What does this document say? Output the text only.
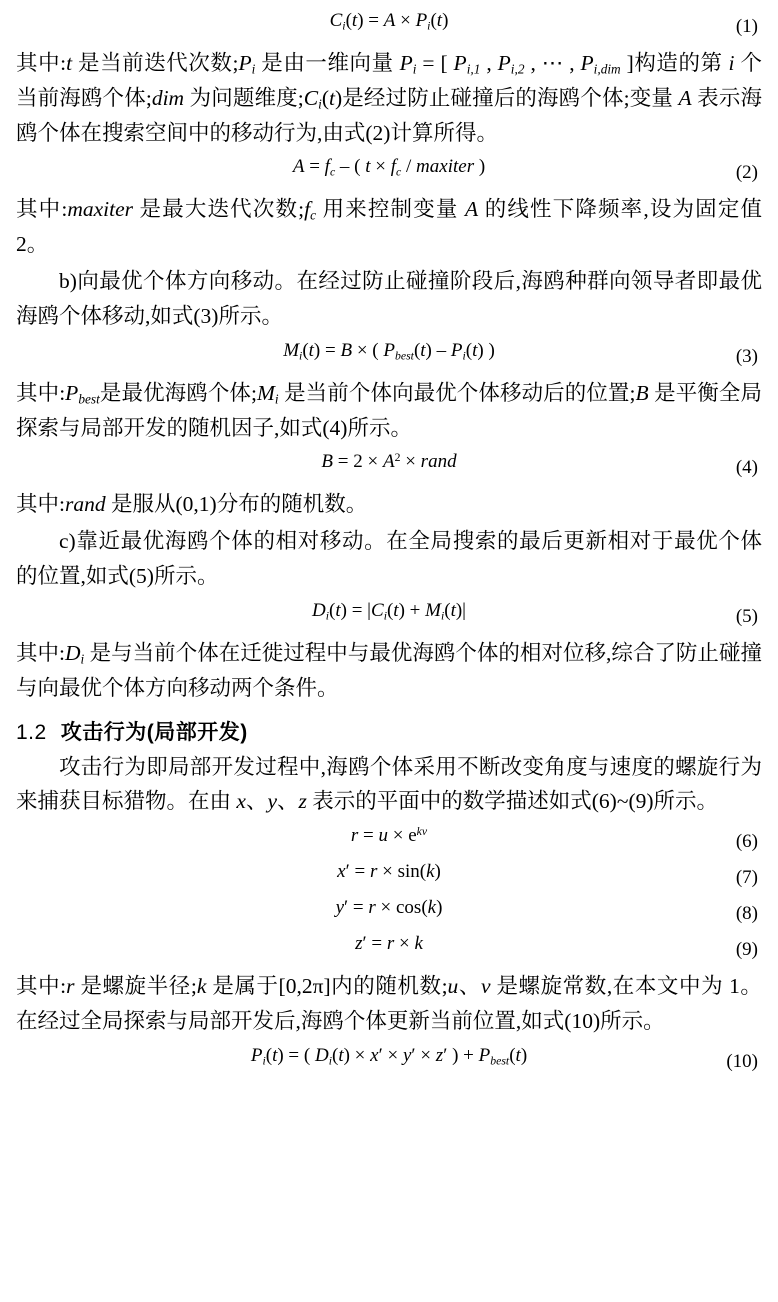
$C_i(t) = A \times P_i(t)$	(1)

其中:t 是当前迭代次数$;P_i$ 是由一维向量 $P_i$ = [ $P_{i,1}$ , $P_{i,2}$ , ⋯ , $P_{i,dim}$ ]构造的第 i 个当前海鸥个体;dim 为问题维度$;C_i(t)$是经过防止碰撞后的海鸥个体;变量 A 表示海鸥个体在搜索空间中的移动行为,由式(2)计算所得。

$A = f_c$ – ( $t \times f_c$ / maxiter )	(2)

其中:maxiter 是最大迭代次数$;f_c$ 用来控制变量 A 的线性下降频率,设为固定值 2。

b)向最优个体方向移动。在经过防止碰撞阶段后,海鸥种群向领导者即最优海鸥个体移动,如式(3)所示。

$M_i(t) = B$ × ( $P_{best}(t) - P_i(t)$ )	(3)

其中$:P_{best}$是最优海鸥个体$;M_i$ 是当前个体向最优个体移动后的位置;B 是平衡全局探索与局部开发的随机因子,如式(4)所示。

$B = 2 \times A^2$ × rand	(4)

其中:rand 是服从(0,1)分布的随机数。

c)靠近最优海鸥个体的相对移动。在全局搜索的最后更新相对于最优个体的位置,如式(5)所示。

$D_i(t) = |C_i(t) + M_i(t)|$	(5)

其中$:D_i$ 是与当前个体在迁徙过程中与最优海鸥个体的相对位移,综合了防止碰撞与向最优个体方向移动两个条件。

1.2 攻击行为(局部开发)

攻击行为即局部开发过程中,海鸥个体采用不断改变角度与速度的螺旋行为来捕获目标猎物。在由 x、y、z 表示的平面中的数学描述如式(6)~(9)所示。

$r = u \times e^{kv}$	(6)
x′ = r × sin(k)	(7)
y′ = r × cos(k)	(8)
z′ = r × k	(9)

其中:r 是螺旋半径;k 是属于[0,2π]内的随机数;u、v 是螺旋常数,在本文中为 1。在经过全局探索与局部开发后,海鸥个体更新当前位置,如式(10)所示。

$P_i(t)$ = ( $D_i(t) \times x' \times y' \times z'$ ) + $P_{best}(t)$	(10)
